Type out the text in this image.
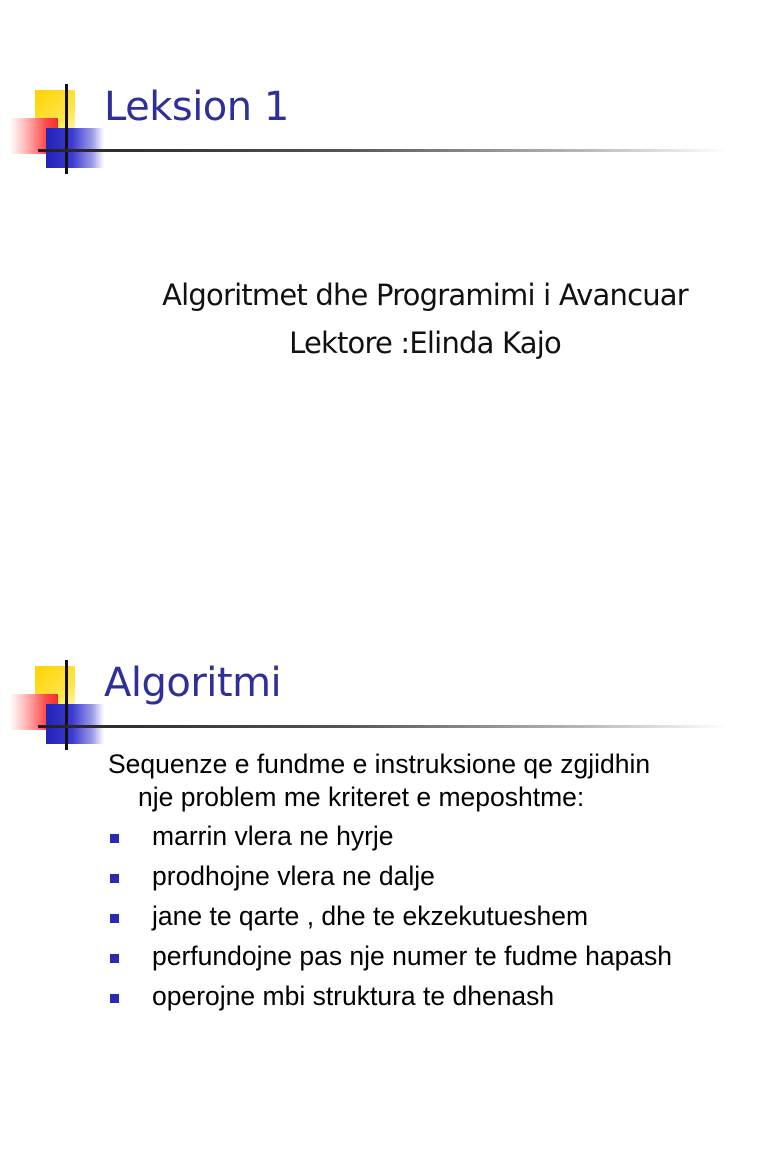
Leksion 1
Algoritmet dhe Programimi i Avancuar
Lektore :Elinda Kajo
Algoritmi
Sequenze e fundme e instruksione qe zgjidhin
nje problem me kriteret e meposhtme:
marrin vlera ne hyrje
prodhojne vlera ne dalje
jane te qarte , dhe te ekzekutueshem
perfundojne pas nje numer te fudme hapash
operojne mbi struktura te dhenash
